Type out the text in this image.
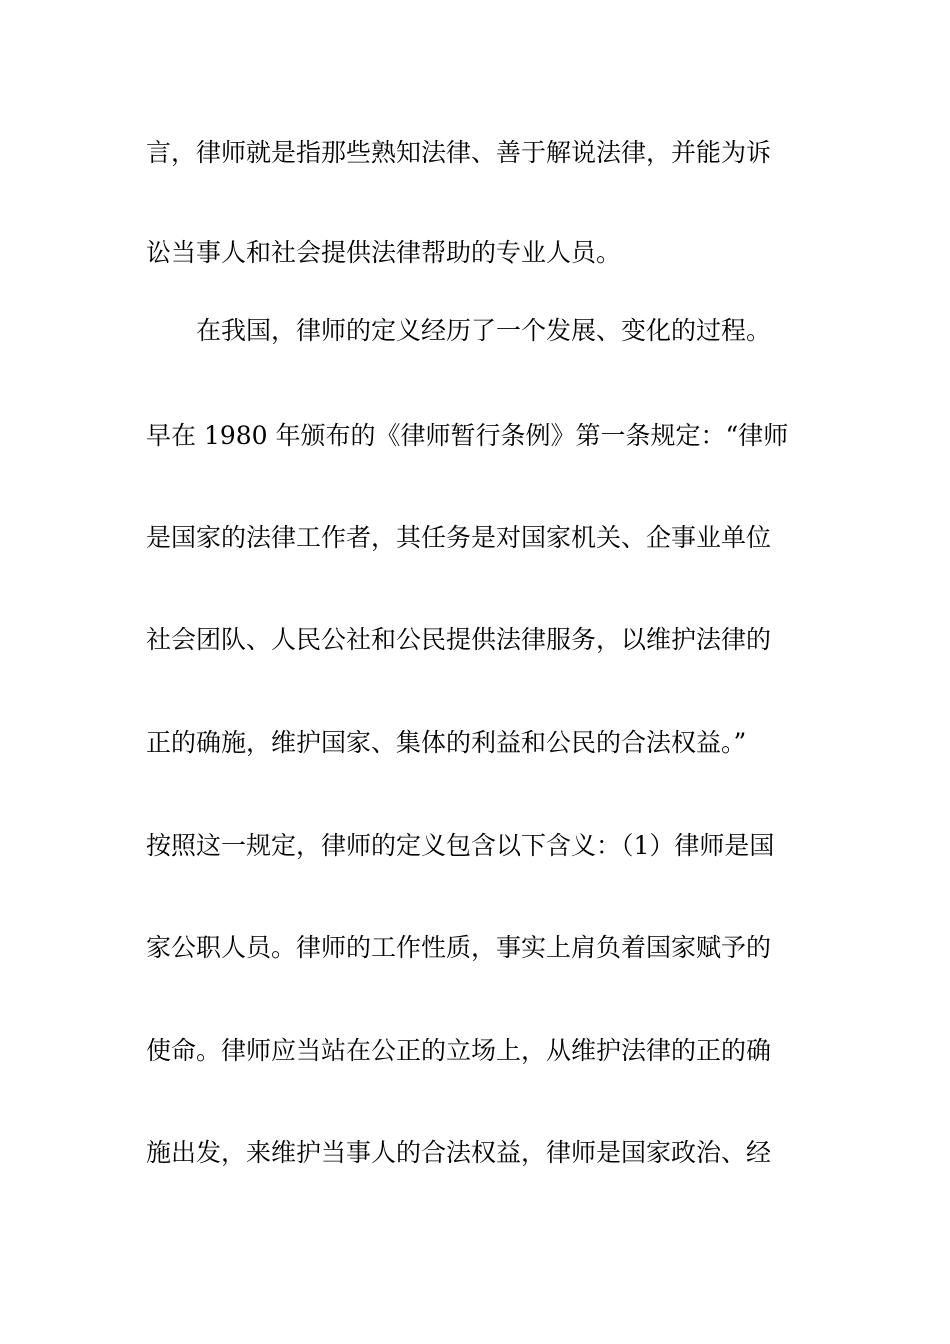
言，律师就是指那些熟知法律、善于解说法律，并能为诉
讼当事人和社会提供法律帮助的专业人员。
在我国，律师的定义经历了一个发展、变化的过程。
早在 1980 年颁布的《律师暂行条例》第一条规定：“律师
是国家的法律工作者，其任务是对国家机关、企事业单位
社会团队、人民公社和公民提供法律服务，以维护法律的
正的确施，维护国家、集体的利益和公民的合法权益。”
按照这一规定，律师的定义包含以下含义：（1）律师是国
家公职人员。律师的工作性质，事实上肩负着国家赋予的
使命。律师应当站在公正的立场上，从维护法律的正的确
施出发，来维护当事人的合法权益，律师是国家政治、经
